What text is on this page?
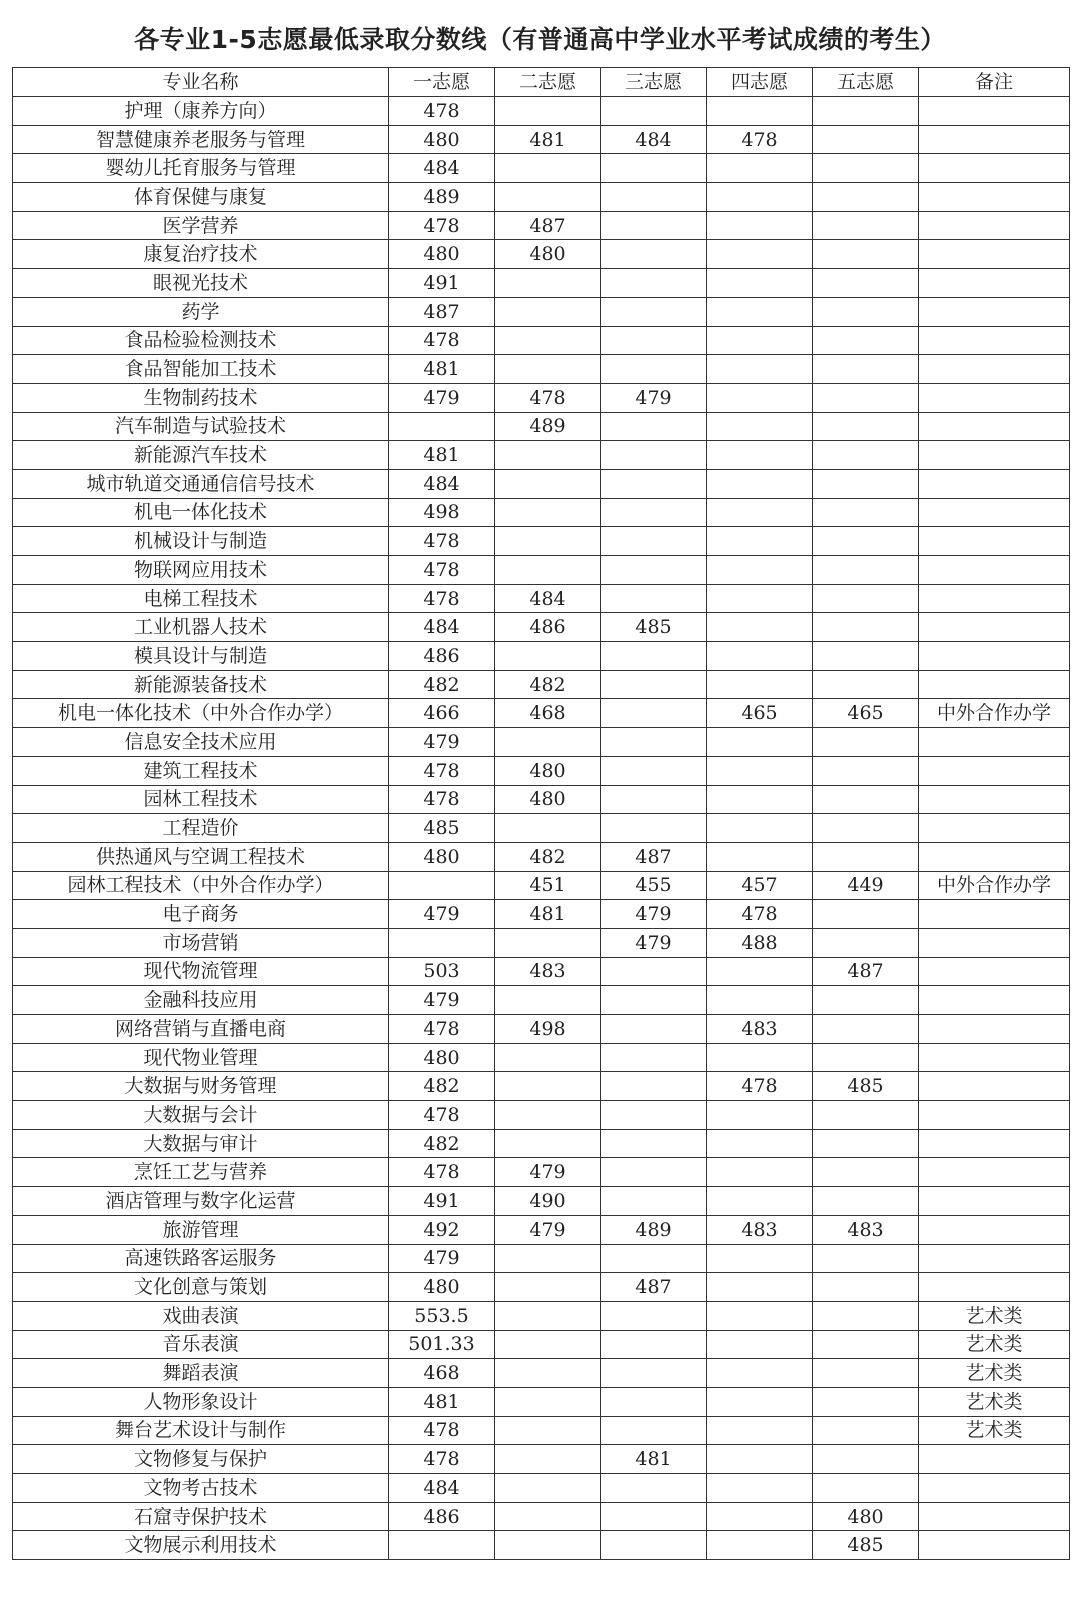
各专业1-5志愿最低录取分数线（有普通高中学业水平考试成绩的考生）
专业名称	一志愿	二志愿	三志愿	四志愿	五志愿	备注
护理（康养方向）	478					
智慧健康养老服务与管理	480	481	484	478		
婴幼儿托育服务与管理	484					
体育保健与康复	489					
医学营养	478	487				
康复治疗技术	480	480				
眼视光技术	491					
药学	487					
食品检验检测技术	478					
食品智能加工技术	481					
生物制药技术	479	478	479			
汽车制造与试验技术		489				
新能源汽车技术	481					
城市轨道交通通信信号技术	484					
机电一体化技术	498					
机械设计与制造	478					
物联网应用技术	478					
电梯工程技术	478	484				
工业机器人技术	484	486	485			
模具设计与制造	486					
新能源装备技术	482	482				
机电一体化技术（中外合作办学）	466	468		465	465	中外合作办学
信息安全技术应用	479					
建筑工程技术	478	480				
园林工程技术	478	480				
工程造价	485					
供热通风与空调工程技术	480	482	487			
园林工程技术（中外合作办学）		451	455	457	449	中外合作办学
电子商务	479	481	479	478		
市场营销			479	488		
现代物流管理	503	483			487	
金融科技应用	479					
网络营销与直播电商	478	498		483		
现代物业管理	480					
大数据与财务管理	482			478	485	
大数据与会计	478					
大数据与审计	482					
烹饪工艺与营养	478	479				
酒店管理与数字化运营	491	490				
旅游管理	492	479	489	483	483	
高速铁路客运服务	479					
文化创意与策划	480		487			
戏曲表演	553.5					艺术类
音乐表演	501.33					艺术类
舞蹈表演	468					艺术类
人物形象设计	481					艺术类
舞台艺术设计与制作	478					艺术类
文物修复与保护	478		481			
文物考古技术	484					
石窟寺保护技术	486				480	
文物展示利用技术					485	
